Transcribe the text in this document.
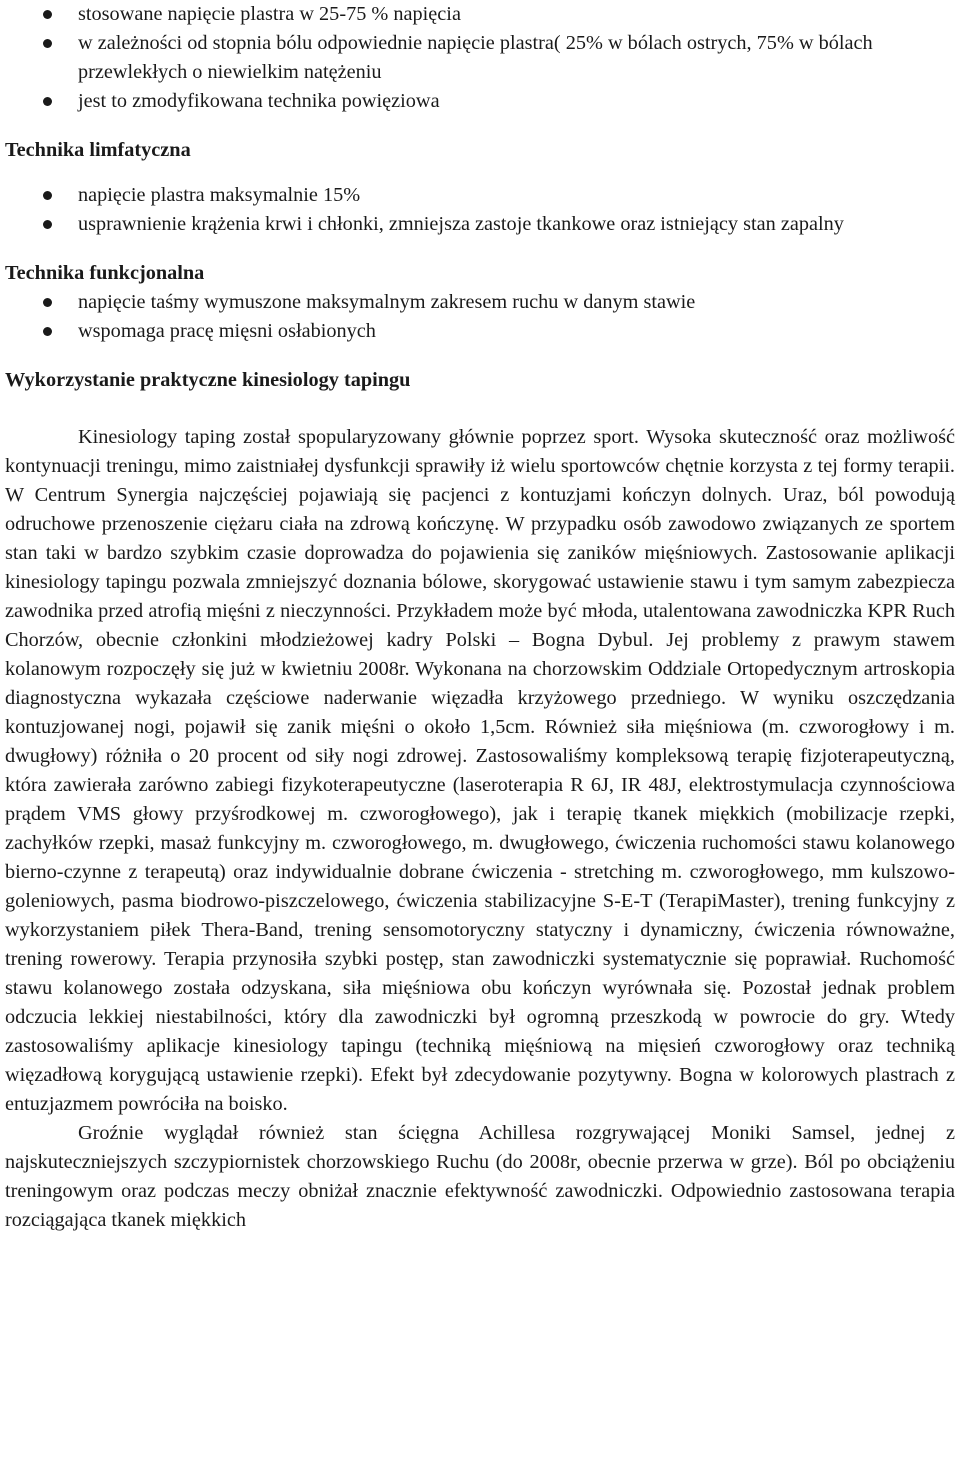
stosowane napięcie plastra w 25-75 % napięcia
w zależności od stopnia bólu odpowiednie napięcie plastra( 25% w bólach ostrych, 75% w bólach przewlekłych o niewielkim natężeniu
jest to zmodyfikowana technika powięziowa
Technika limfatyczna
napięcie plastra maksymalnie 15%
usprawnienie krążenia krwi i chłonki, zmniejsza zastoje tkankowe oraz istniejący stan zapalny
Technika funkcjonalna
napięcie taśmy wymuszone maksymalnym zakresem ruchu w danym stawie
wspomaga pracę mięsni osłabionych
Wykorzystanie praktyczne kinesiology tapingu

Kinesiology taping został spopularyzowany głównie poprzez sport. Wysoka skuteczność oraz możliwość kontynuacji treningu, mimo zaistniałej dysfunkcji sprawiły iż wielu sportowców chętnie korzysta z tej formy terapii. W Centrum Synergia najczęściej pojawiają się pacjenci z kontuzjami kończyn dolnych. Uraz, ból powodują odruchowe przenoszenie ciężaru ciała na zdrową kończynę. W przypadku osób zawodowo związanych ze sportem stan taki w bardzo szybkim czasie doprowadza do pojawienia się zaników mięśniowych. Zastosowanie aplikacji kinesiology tapingu pozwala zmniejszyć doznania bólowe, skorygować ustawienie stawu i tym samym zabezpiecza zawodnika przed atrofią mięśni z nieczynności. Przykładem może być młoda, utalentowana zawodniczka KPR Ruch Chorzów, obecnie członkini młodzieżowej kadry Polski – Bogna Dybul. Jej problemy z prawym stawem kolanowym rozpoczęły się już w kwietniu 2008r. Wykonana na chorzowskim Oddziale Ortopedycznym artroskopia diagnostyczna wykazała częściowe naderwanie więzadła krzyżowego przedniego. W wyniku oszczędzania kontuzjowanej nogi, pojawił się zanik mięśni o około 1,5cm. Również siła mięśniowa (m. czworogłowy i m. dwugłowy) różniła o 20 procent od siły nogi zdrowej. Zastosowaliśmy kompleksową terapię fizjoterapeutyczną, która zawierała zarówno zabiegi fizykoterapeutyczne (laseroterapia R 6J, IR 48J, elektrostymulacja czynnościowa prądem VMS głowy przyśrodkowej m. czworogłowego), jak i terapię tkanek miękkich (mobilizacje rzepki, zachyłków rzepki, masaż funkcyjny m. czworogłowego, m. dwugłowego, ćwiczenia ruchomości stawu kolanowego bierno-czynne z terapeutą) oraz indywidualnie dobrane ćwiczenia - stretching m. czworogłowego, mm kulszowo-goleniowych, pasma biodrowo-piszczelowego, ćwiczenia stabilizacyjne S-E-T (TerapiMaster), trening funkcyjny z wykorzystaniem piłek Thera-Band, trening sensomotoryczny statyczny i dynamiczny, ćwiczenia równoważne, trening rowerowy. Terapia przynosiła szybki postęp, stan zawodniczki systematycznie się poprawiał. Ruchomość stawu kolanowego została odzyskana, siła mięśniowa obu kończyn wyrównała się. Pozostał jednak problem odczucia lekkiej niestabilności, który dla zawodniczki był ogromną przeszkodą w powrocie do gry. Wtedy zastosowaliśmy aplikacje kinesiology tapingu (techniką mięśniową na mięsień czworogłowy oraz techniką więzadłową korygującą ustawienie rzepki). Efekt był zdecydowanie pozytywny. Bogna w kolorowych plastrach z entuzjazmem powróciła na boisko.

Groźnie wyglądał również stan ścięgna Achillesa rozgrywającej Moniki Samsel, jednej z najskuteczniejszych szczypiornistek chorzowskiego Ruchu (do 2008r, obecnie przerwa w grze). Ból po obciążeniu treningowym oraz podczas meczy obniżał znacznie efektywność zawodniczki. Odpowiednio zastosowana terapia rozciągająca tkanek miękkich
